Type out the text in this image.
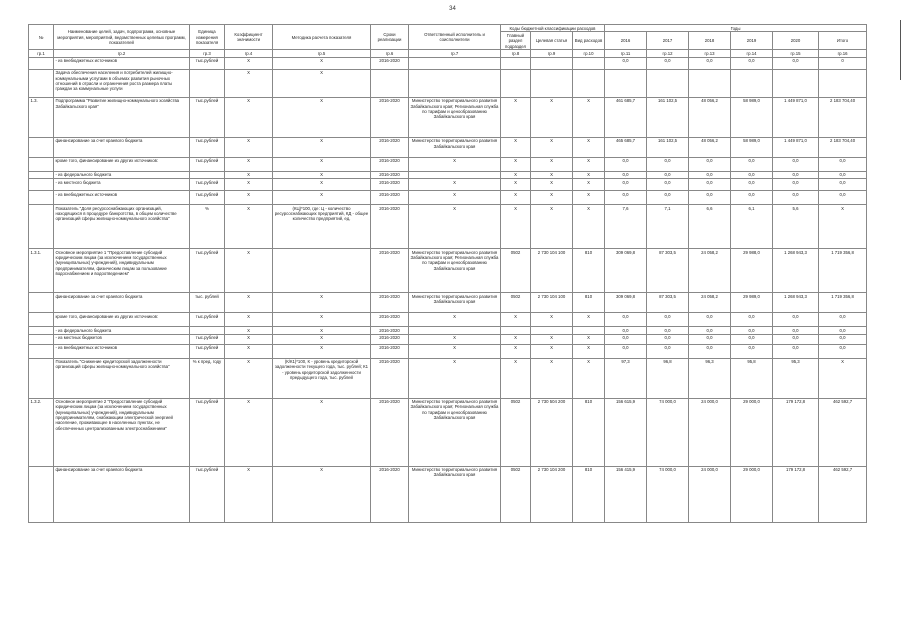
34
№	Наименование целей, задач, подпрограмм, основные мероприятия, мероприятий, ведомственных целевых программ, показателей	Единица измерения показателя	Коэффициент значимости	Методика расчета показателя	Сроки реализации	Ответственный исполнитель и соисполнители	Коды бюджетной классификации расходов			Годы					
							Главный раздел подраздел	Целевая статья	Вид расходов	2016	2017	2018	2019	2020	Итого
гр.1	гр.2	гр.3	гр.4	гр.5	гр.6	гр.7	гр.8	гр.9	гр.10	гр.11	гр.12	гр.13	гр.14	гр.15	гр.16
	- из внебюджетных источников	тыс.рублей	X	X	2016-2020					0,0	0,0	0,0	0,0	0,0	0
	Задача обеспечения населения и потребителей жилищно-коммунальными услугами в объемах развития рыночных отношений в отрасли и ограничения роста размера платы граждан за коммунальные услуги		X	X											
1.3.	Подпрограмма "Развитие жилищно-коммунального хозяйства Забайкальского края"	тыс.рублей	X	X	2016-2020	Министерство территориального развития Забайкальского края; Региональная служба по тарифам и ценообразованию Забайкальского края	X	X	X	461 685,7	161 102,5	48 056,2	58 989,0	1 449 871,0	2 183 704,40
	финансирование за счет краевого бюджета	тыс.рублей	X	X	2016-2020	Министерство территориального развития Забайкальского края	X	X	X	465 685,7	161 102,5	48 056,2	58 989,0	1 449 871,0	2 183 704,40
	кроме того, финансирование из других источников:	тыс.рублей	X	X	2016-2020	X	X	X	X	0,0	0,0	0,0	0,0	0,0	0,0
	- из федерального бюджета		X	X	2016-2020		X	X	X	0,0	0,0	0,0	0,0	0,0	0,0
	- из местного бюджета	тыс.рублей	X	X	2016-2020	X	X	X	X	0,0	0,0	0,0	0,0	0,0	0,0
	- из внебюджетных источников	тыс.рублей	X	X	2016-2020	X	X	X	X	0,0	0,0	0,0	0,0	0,0	0,0
	Показатель "Доля ресурсоснабжающих организаций, находящихся в процедуре банкротства, в общем количестве организаций сферы жилищно-коммунального хозяйства"	%	X	(КЦ)*100, где: Ц - количество ресурсоснабжающих предприятий, КД - общее количество предприятий, ед.	2016-2020	X	X	X	X	7,6	7,1	6,6	6,1	5,6	X
1.3.1.	Основное мероприятие 1 "Предоставление субсидий юридическим лицам (за исключением государственных (муниципальных) учреждений), индивидуальным предпринимателям, физическим лицам за пользование водоснабжением и водоотведением"	тыс.рублей	X		2016-2020	Министерство территориального развития Забайкальского края; Региональная служба по тарифам и ценообразованию Забайкальского края	0502	2 730 104 100	810	309 069,8	87 303,5	24 058,2	29 988,0	1 268 943,3	1 719 356,8
	финансирование за счет краевого бюджета	тыс. рублей	X	X	2016-2020	Министерство территориального развития Забайкальского края	0502	2 730 104 100	810	309 069,8	87 303,5	24 058,2	29 989,0	1 268 943,3	1 719 356,8
	кроме того, финансирование из других источников:	тыс.рублей	X	X	2016-2020	X	X	X	X	0,0	0,0	0,0	0,0	0,0	0,0
	- из федерального бюджета		X	X	2016-2020					0,0	0,0	0,0	0,0	0,0	0,0
	- из местных бюджетов	тыс.рублей	X	X	2016-2020	X	X	X	X	0,0	0,0	0,0	0,0	0,0	0,0
	- из внебюджетных источников	тыс.рублей	X	X	2016-2020	X	X	X	X	0,0	0,0	0,0	0,0	0,0	0,0
	Показатель "Снижение кредиторской задолженности организаций сферы жилищно-коммунального хозяйства"	% к пред. году	X	(К/К1)*100, К - уровень кредиторской задолженности текущего года, тыс. рублей; К1 - уровень кредиторской задолженности предыдущего года, тыс. рублей	2016-2020	X	X	X	X	97,3	96,8	96,3	95,8	95,3	X
1.3.2.	Основное мероприятие 2 "Предоставление субсидий юридическим лицам (за исключением государственных (муниципальных) учреждений), индивидуальным предпринимателям, снабжающим электрической энергией население, проживающее в населенных пунктах, не обеспеченных централизованным электроснабжением"	тыс.рублей	X	X	2016-2020	Министерство территориального развития Забайкальского края; Региональная служба по тарифам и ценообразованию Забайкальского края	0502	2 730 504 200	810	156 615,9	74 000,0	24 000,0	29 000,0	179 172,8	462 592,7
	финансирование за счет краевого бюджета	тыс.рублей	X	X	2016-2020	Министерство территориального развития Забайкальского края	0502	2 730 104 200	810	156 415,9	74 000,0	24 000,0	29 000,0	179 172,8	462 592,7
